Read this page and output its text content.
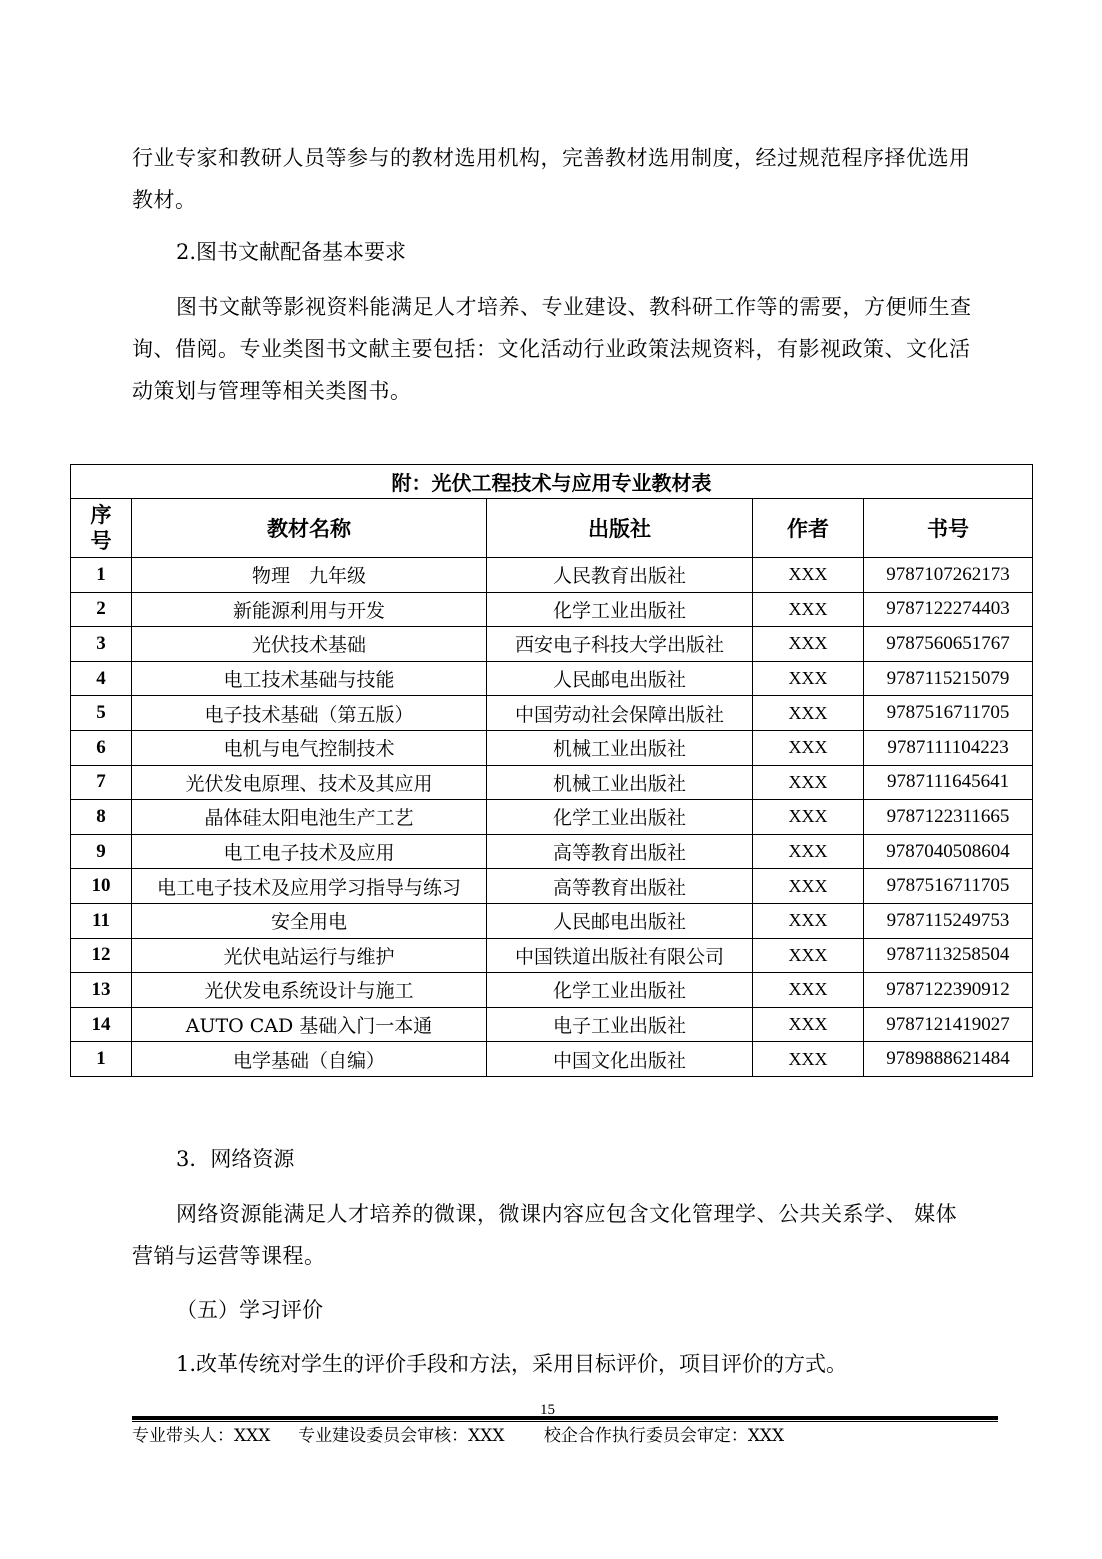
行业专家和教研人员等参与的教材选用机构，完善教材选用制度，经过规范程序择优选用教材。

2.图书文献配备基本要求

图书文献等影视资料能满足人才培养、专业建设、教科研工作等的需要，方便师生查询、借阅。专业类图书文献主要包括：文化活动行业政策法规资料，有影视政策、文化活动策划与管理等相关类图书。

附：光伏工程技术与应用专业教材表				
序号	教材名称	出版社	作者	书号
1	物理　九年级	人民教育出版社	XXX	9787107262173
2	新能源利用与开发	化学工业出版社	XXX	9787122274403
3	光伏技术基础	西安电子科技大学出版社	XXX	9787560651767
4	电工技术基础与技能	人民邮电出版社	XXX	9787115215079
5	电子技术基础（第五版）	中国劳动社会保障出版社	XXX	9787516711705
6	电机与电气控制技术	机械工业出版社	XXX	9787111104223
7	光伏发电原理、技术及其应用	机械工业出版社	XXX	9787111645641
8	晶体硅太阳电池生产工艺	化学工业出版社	XXX	9787122311665
9	电工电子技术及应用	高等教育出版社	XXX	9787040508604
10	电工电子技术及应用学习指导与练习	高等教育出版社	XXX	9787516711705
11	安全用电	人民邮电出版社	XXX	9787115249753
12	光伏电站运行与维护	中国铁道出版社有限公司	XXX	9787113258504
13	光伏发电系统设计与施工	化学工业出版社	XXX	9787122390912
14	AUTO CAD 基础入门一本通	电子工业出版社	XXX	9787121419027
1	电学基础（自编）	中国文化出版社	XXX	9789888621484

3．网络资源

网络资源能满足人才培养的微课，微课内容应包含文化管理学、公共关系学、 媒体营销与运营等课程。

（五）学习评价

1.改革传统对学生的评价手段和方法，采用目标评价，项目评价的方式。

15
专业带头人：XXX　  专业建设委员会审核：XXX　　 校企合作执行委员会审定：XXX
